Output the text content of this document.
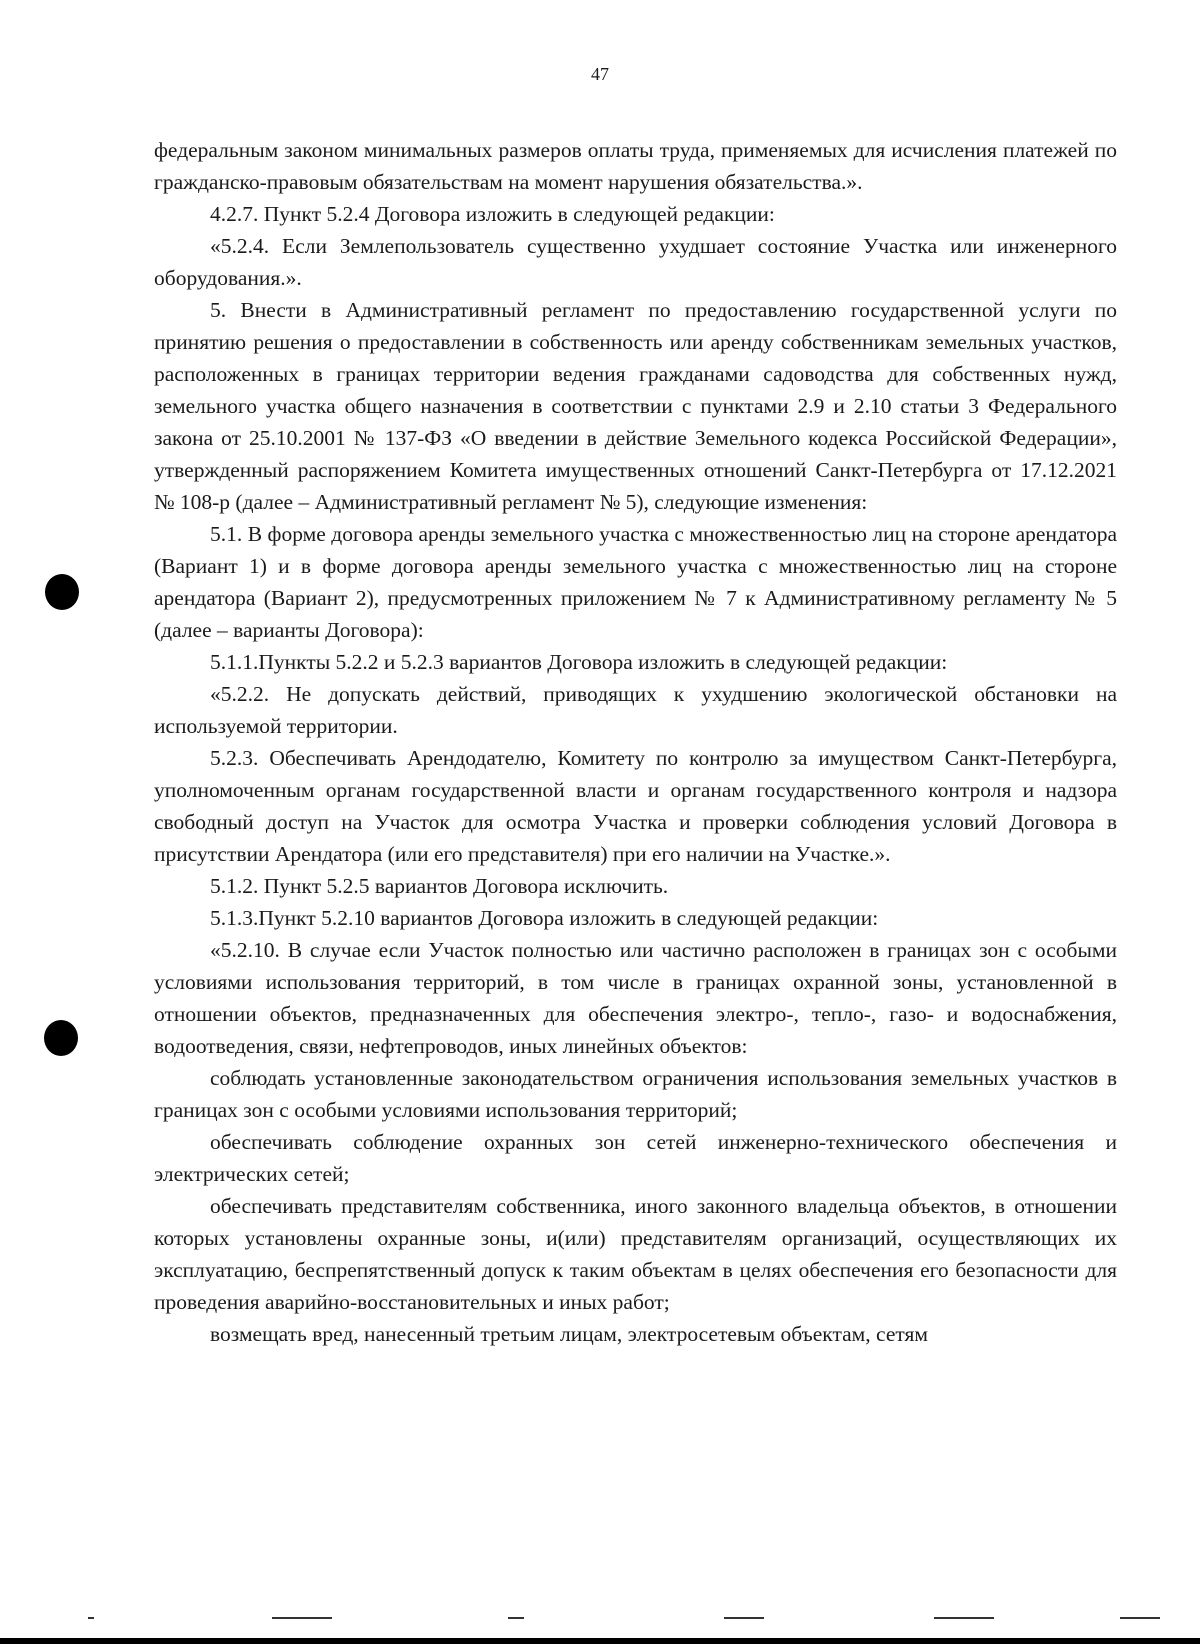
47

федеральным законом минимальных размеров оплаты труда, применяемых для исчисления платежей по гражданско-правовым обязательствам на момент нарушения обязательства.».

4.2.7. Пункт 5.2.4 Договора изложить в следующей редакции:

«5.2.4. Если Землепользователь существенно ухудшает состояние Участка или инженерного оборудования.».

5. Внести в Административный регламент по предоставлению государственной услуги по принятию решения о предоставлении в собственность или аренду собственникам земельных участков, расположенных в границах территории ведения гражданами садоводства для собственных нужд, земельного участка общего назначения в соответствии с пунктами 2.9 и 2.10 статьи 3 Федерального закона от 25.10.2001 № 137-ФЗ «О введении в действие Земельного кодекса Российской Федерации», утвержденный распоряжением Комитета имущественных отношений Санкт-Петербурга от 17.12.2021 № 108-р (далее – Административный регламент № 5), следующие изменения:

5.1. В форме договора аренды земельного участка с множественностью лиц на стороне арендатора (Вариант 1) и в форме договора аренды земельного участка с множественностью лиц на стороне арендатора (Вариант 2), предусмотренных приложением № 7 к Административному регламенту № 5 (далее – варианты Договора):

5.1.1.Пункты 5.2.2 и 5.2.3 вариантов Договора изложить в следующей редакции:

«5.2.2. Не допускать действий, приводящих к ухудшению экологической обстановки на используемой территории.

5.2.3. Обеспечивать Арендодателю, Комитету по контролю за имуществом Санкт-Петербурга, уполномоченным органам государственной власти и органам государственного контроля и надзора свободный доступ на Участок для осмотра Участка и проверки соблюдения условий Договора в присутствии Арендатора (или его представителя) при его наличии на Участке.».

5.1.2. Пункт 5.2.5 вариантов Договора исключить.

5.1.3.Пункт 5.2.10 вариантов Договора изложить в следующей редакции:

«5.2.10. В случае если Участок полностью или частично расположен в границах зон с особыми условиями использования территорий, в том числе в границах охранной зоны, установленной в отношении объектов, предназначенных для обеспечения электро-, тепло-, газо- и водоснабжения, водоотведения, связи, нефтепроводов, иных линейных объектов:

соблюдать установленные законодательством ограничения использования земельных участков в границах зон с особыми условиями использования территорий;

обеспечивать соблюдение охранных зон сетей инженерно-технического обеспечения и электрических сетей;

обеспечивать представителям собственника, иного законного владельца объектов, в отношении которых установлены охранные зоны, и(или) представителям организаций, осуществляющих их эксплуатацию, беспрепятственный допуск к таким объектам в целях обеспечения его безопасности для проведения аварийно-восстановительных и иных работ;

возмещать вред, нанесенный третьим лицам, электросетевым объектам, сетям
